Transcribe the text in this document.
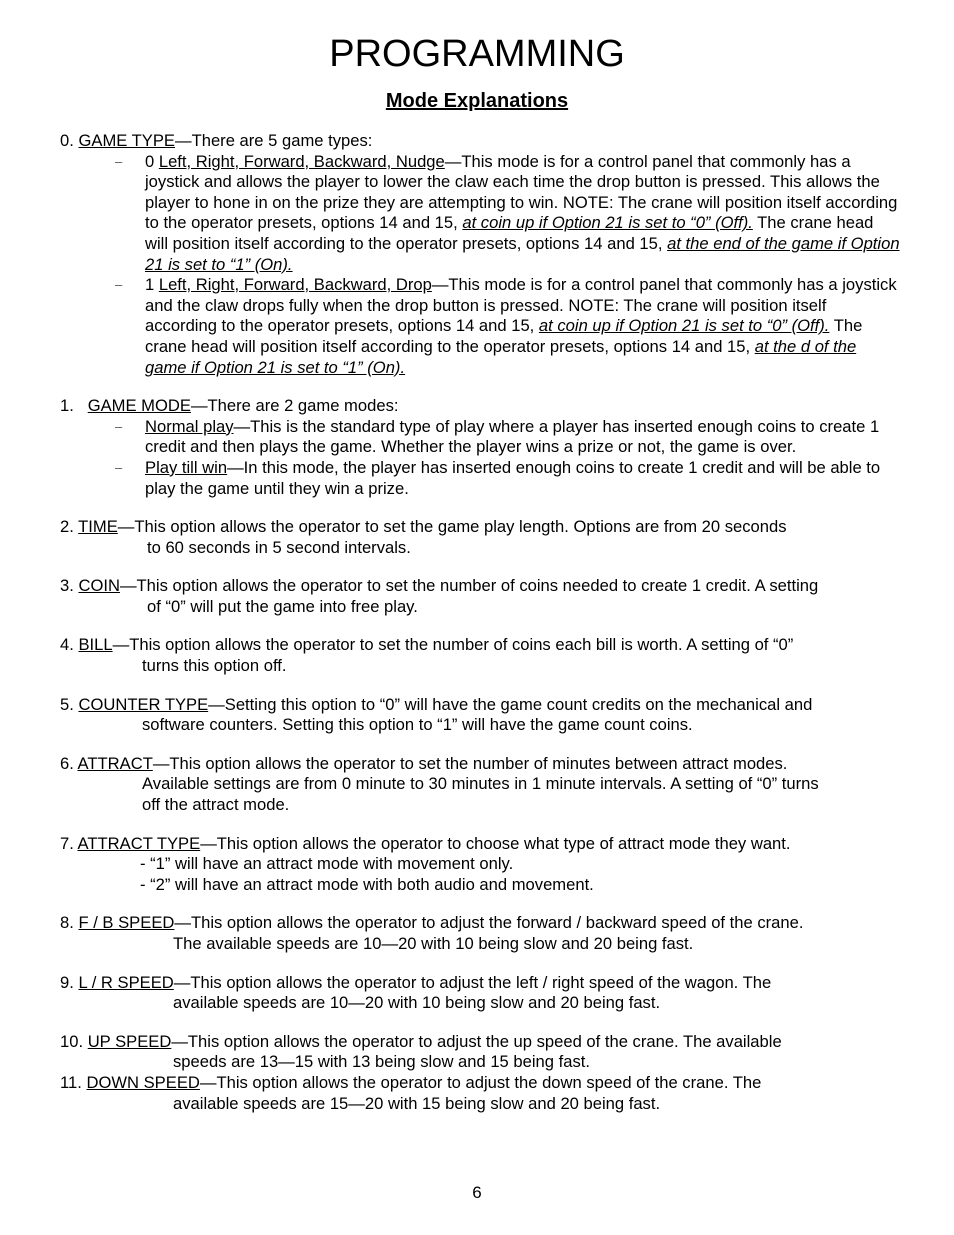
PROGRAMMING
Mode Explanations

0. GAME TYPE—There are 5 game types:

– 0 Left, Right, Forward, Backward, Nudge—This mode is for a control panel that commonly has a joystick and allows the player to lower the claw each time the drop button is pressed. This allows the player to hone in on the prize they are attempting to win. NOTE: The crane will position itself according to the operator presets, options 14 and 15, at coin up if Option 21 is set to “0” (Off). The crane head will position itself according to the operator presets, options 14 and 15, at the end of the game if Option 21 is set to “1” (On).

– 1 Left, Right, Forward, Backward, Drop—This mode is for a control panel that commonly has a joystick and the claw drops fully when the drop button is pressed. NOTE: The crane will position itself according to the operator presets, options 14 and 15, at coin up if Option 21 is set to “0” (Off). The crane head will position itself according to the operator presets, options 14 and 15, at the d of the game if Option 21 is set to “1” (On).

1. GAME MODE—There are 2 game modes:

– Normal play—This is the standard type of play where a player has inserted enough coins to create 1 credit and then plays the game. Whether the player wins a prize or not, the game is over.

– Play till win—In this mode, the player has inserted enough coins to create 1 credit and will be able to play the game until they win a prize.

2. TIME—This option allows the operator to set the game play length. Options are from 20 seconds

to 60 seconds in 5 second intervals.

3. COIN—This option allows the operator to set the number of coins needed to create 1 credit. A setting

of “0” will put the game into free play.

4. BILL—This option allows the operator to set the number of coins each bill is worth. A setting of “0”

turns this option off.

5. COUNTER TYPE—Setting this option to “0” will have the game count credits on the mechanical and

software counters. Setting this option to “1” will have the game count coins.

6. ATTRACT—This option allows the operator to set the number of minutes between attract modes.

Available settings are from 0 minute to 30 minutes in 1 minute intervals. A setting of “0” turns

off the attract mode.

7. ATTRACT TYPE—This option allows the operator to choose what type of attract mode they want.

- “1” will have an attract mode with movement only.

- “2” will have an attract mode with both audio and movement.

8. F / B SPEED—This option allows the operator to adjust the forward / backward speed of the crane.

The available speeds are 10—20 with 10 being slow and 20 being fast.

9. L / R SPEED—This option allows the operator to adjust the left / right speed of the wagon. The

available speeds are 10—20 with 10 being slow and 20 being fast.

10. UP SPEED—This option allows the operator to adjust the up speed of the crane. The available

speeds are 13—15 with 13 being slow and 15 being fast.

11. DOWN SPEED—This option allows the operator to adjust the down speed of the crane. The

available speeds are 15—20 with 15 being slow and 20 being fast.

6
